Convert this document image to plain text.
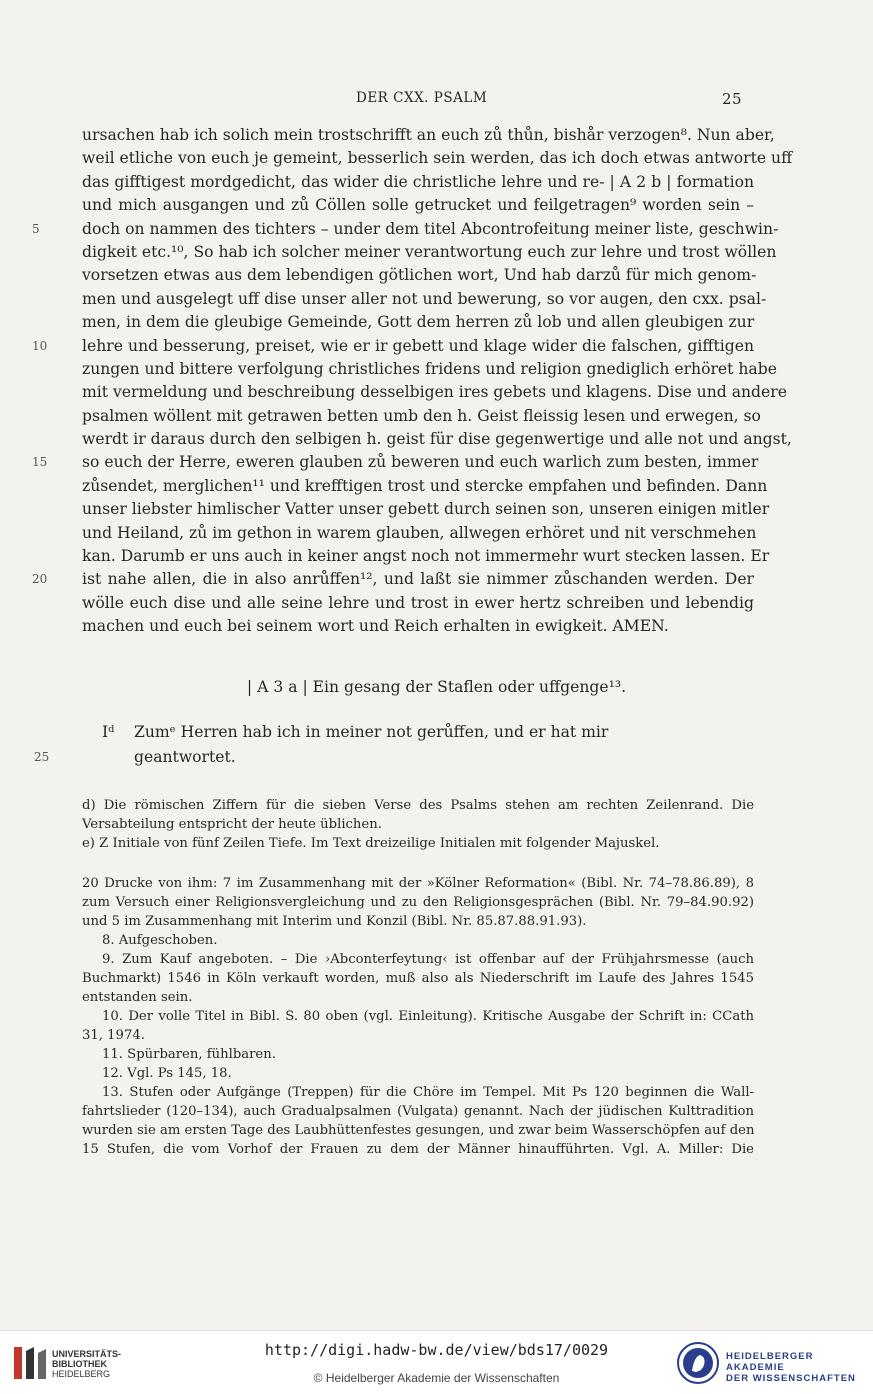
DER CXX. PSALM	25
ursachen hab ich solich mein trostschrifft an euch zů thůn, bishår verzogen⁸. Nun aber,
weil etliche von euch je gemeint, besserlich sein werden, das ich doch etwas antworte uff
das gifftigest mordgedicht, das wider die christliche lehre und re- | A 2 b | formation
und mich ausgangen und zů Cöllen solle getrucket und feilgetragen⁹ worden sein –
5	doch on nammen des tichters – under dem titel Abcontrofeitung meiner liste, geschwin-
digkeit etc.¹⁰, So hab ich solcher meiner verantwortung euch zur lehre und trost wöllen
vorsetzen etwas aus dem lebendigen götlichen wort, Und hab darzů für mich genom-
men und ausgelegt uff dise unser aller not und bewerung, so vor augen, den cxx. psal-
men, in dem die gleubige Gemeinde, Gott dem herren zů lob und allen gleubigen zur
10 lehre und besserung, preiset, wie er ir gebett und klage wider die falschen, gifftigen
zungen und bittere verfolgung christliches fridens und religion gnediglich erhöret habe
mit vermeldung und beschreibung desselbigen ires gebets und klagens. Dise und andere
psalmen wöllent mit getrawen betten umb den h. Geist fleissig lesen und erwegen, so
werdt ir daraus durch den selbigen h. geist für dise gegenwertige und alle not und angst,
15 so euch der Herre, eweren glauben zů beweren und euch warlich zum besten, immer
zůsendet, merglichen¹¹ und krefftigen trost und stercke empfahen und befinden. Dann
unser liebster himlischer Vatter unser gebett durch seinen son, unseren einigen mitler
und Heiland, zů im gethon in warem glauben, allwegen erhöret und nit verschmehen
kan. Darumb er uns auch in keiner angst noch not immermehr wurt stecken lassen. Er
20 ist nahe allen, die in also anrůffen¹², und laßt sie nimmer zůschanden werden. Der
wölle euch dise und alle seine lehre und trost in ewer hertz schreiben und lebendig
machen und euch bei seinem wort und Reich erhalten in ewigkeit. AMEN.
| A 3 a | Ein gesang der Staflen oder uffgenge¹³.
Iᵈ Zumᵉ Herren hab ich in meiner not gerůffen, und er hat mir
25	geantwortet.
d) Die römischen Ziffern für die sieben Verse des Psalms stehen am rechten Zeilenrand. Die
Versabteilung entspricht der heute üblichen.
e) Z Initiale von fünf Zeilen Tiefe. Im Text dreizeilige Initialen mit folgender Majuskel.
20 Drucke von ihm: 7 im Zusammenhang mit der »Kölner Reformation« (Bibl. Nr. 74–78.86.89), 8
zum Versuch einer Religionsvergleichung und zu den Religionsgesprächen (Bibl. Nr. 79–84.90.92)
und 5 im Zusammenhang mit Interim und Konzil (Bibl. Nr. 85.87.88.91.93).
8. Aufgeschoben.
9. Zum Kauf angeboten. – Die ›Abconterfeytung‹ ist offenbar auf der Frühjahrsmesse (auch
Buchmarkt) 1546 in Köln verkauft worden, muß also als Niederschrift im Laufe des Jahres 1545
entstanden sein.
10. Der volle Titel in Bibl. S. 80 oben (vgl. Einleitung). Kritische Ausgabe der Schrift in: CCath
31, 1974.
11. Spürbaren, fühlbaren.
12. Vgl. Ps 145, 18.
13. Stufen oder Aufgänge (Treppen) für die Chöre im Tempel. Mit Ps 120 beginnen die Wall-
fahrtslieder (120–134), auch Gradualpsalmen (Vulgata) genannt. Nach der jüdischen Kulttradition
wurden sie am ersten Tage des Laubhüttenfestes gesungen, und zwar beim Wasserschöpfen auf den
15 Stufen, die vom Vorhof der Frauen zu dem der Männer hinaufführten. Vgl. A. Miller: Die
UNIVERSITÄTS-
BIBLIOTHEK
HEIDELBERG
http://digi.hadw-bw.de/view/bds17/0029
© Heidelberger Akademie der Wissenschaften
HEIDELBERGER AKADEMIE
DER WISSENSCHAFTEN
